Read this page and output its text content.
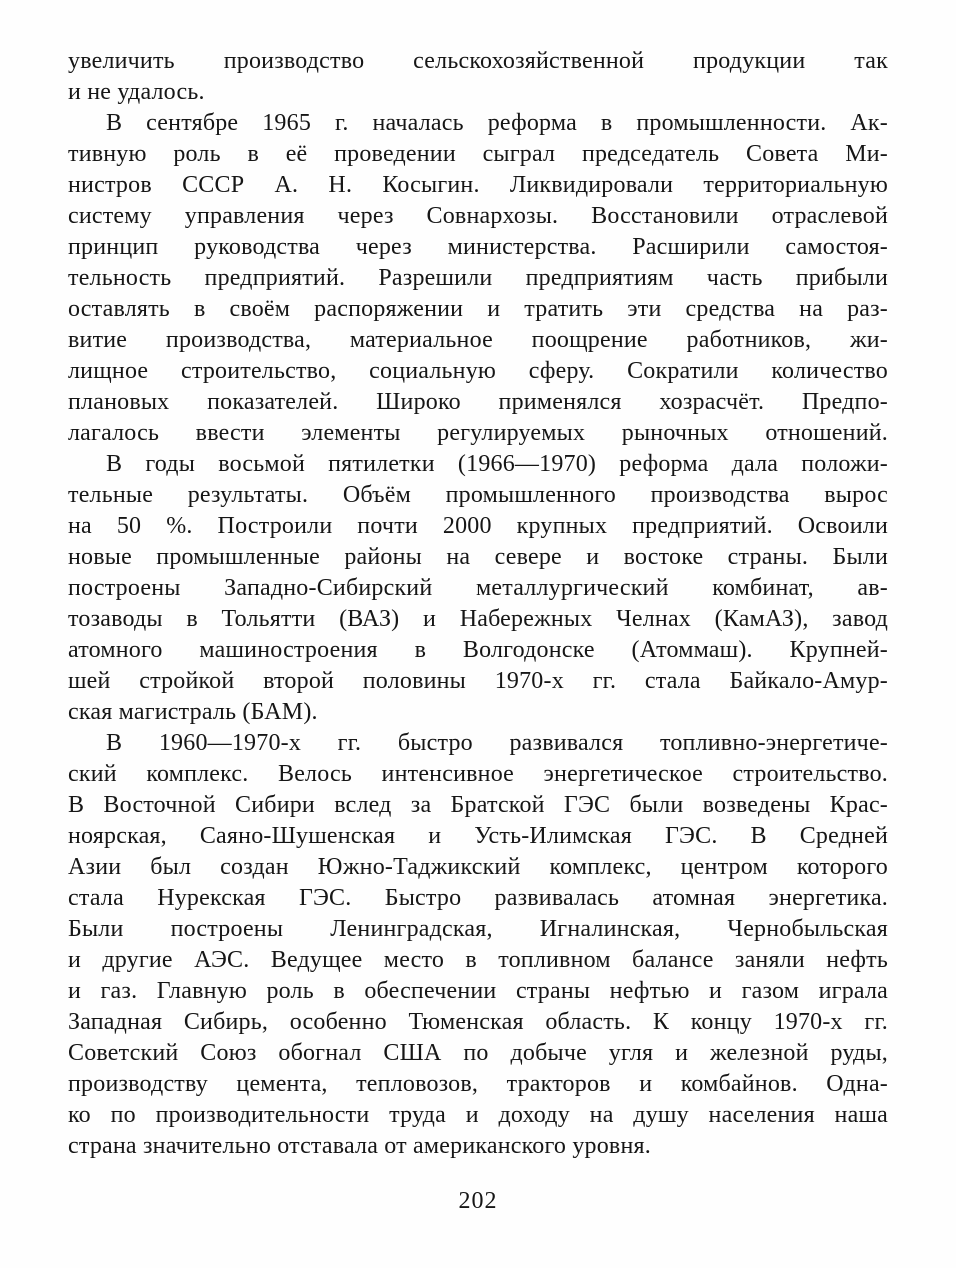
увеличить производство сельскохозяйственной продукции так
и не удалось.
В сентябре 1965 г. началась реформа в промышленности. Ак-
тивную роль в её проведении сыграл председатель Совета Ми-
нистров СССР А. Н. Косыгин. Ликвидировали территориальную
систему управления через Совнархозы. Восстановили отраслевой
принцип руководства через министерства. Расширили самостоя-
тельность предприятий. Разрешили предприятиям часть прибыли
оставлять в своём распоряжении и тратить эти средства на раз-
витие производства, материальное поощрение работников, жи-
лищное строительство, социальную сферу. Сократили количество
плановых показателей. Широко применялся хозрасчёт. Предпо-
лагалось ввести элементы регулируемых рыночных отношений.
В годы восьмой пятилетки (1966—1970) реформа дала положи-
тельные результаты. Объём промышленного производства вырос
на 50 %. Построили почти 2000 крупных предприятий. Освоили
новые промышленные районы на севере и востоке страны. Были
построены Западно-Сибирский металлургический комбинат, ав-
тозаводы в Тольятти (ВАЗ) и Набережных Челнах (КамАЗ), завод
атомного машиностроения в Волгодонске (Атоммаш). Крупней-
шей стройкой второй половины 1970-х гг. стала Байкало-Амур-
ская магистраль (БАМ).
В 1960—1970-х гг. быстро развивался топливно-энергетиче-
ский комплекс. Велось интенсивное энергетическое строительство.
В Восточной Сибири вслед за Братской ГЭС были возведены Крас-
ноярская, Саяно-Шушенская и Усть-Илимская ГЭС. В Средней
Азии был создан Южно-Таджикский комплекс, центром которого
стала Нурекская ГЭС. Быстро развивалась атомная энергетика.
Были построены Ленинградская, Игналинская, Чернобыльская
и другие АЭС. Ведущее место в топливном балансе заняли нефть
и газ. Главную роль в обеспечении страны нефтью и газом играла
Западная Сибирь, особенно Тюменская область. К концу 1970-х гг.
Советский Союз обогнал США по добыче угля и железной руды,
производству цемента, тепловозов, тракторов и комбайнов. Одна-
ко по производительности труда и доходу на душу населения наша
страна значительно отставала от американского уровня.
202
